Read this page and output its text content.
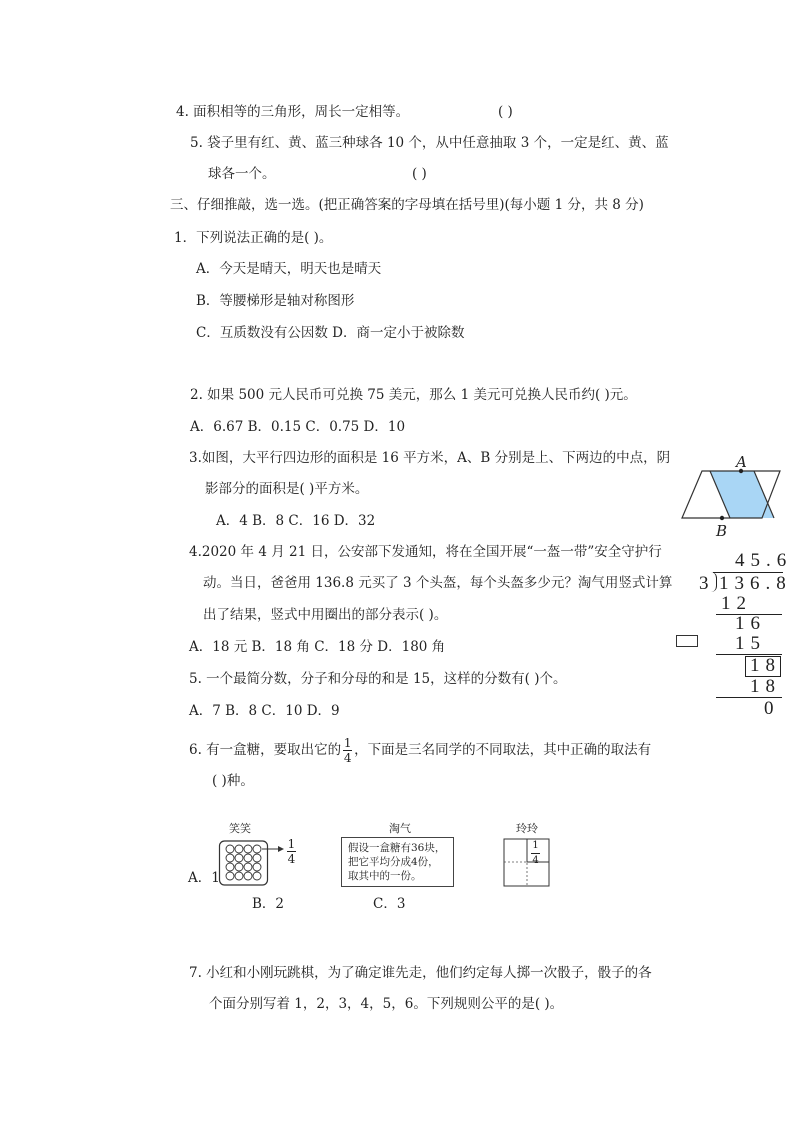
4. 面积相等的三角形，周长一定相等。	( )
5. 袋子里有红、黄、蓝三种球各 10 个，从中任意抽取 3 个，一定是红、黄、蓝
球各一个。	( )
三、仔细推敲，选一选。(把正确答案的字母填在括号里)(每小题 1 分，共 8 分)
1．下列说法正确的是( )。
A．今天是晴天，明天也是晴天
B．等腰梯形是轴对称图形
C．互质数没有公因数 D．商一定小于被除数
2. 如果 500 元人民币可兑换 75 美元，那么 1 美元可兑换人民币约( )元。
A．6.67 B．0.15 C．0.75 D．10
3.如图，大平行四边形的面积是 16 平方米，A、B 分别是上、下两边的中点，阴
影部分的面积是( )平方米。
A．4 B．8 C．16 D．32
A
B
4.2020 年 4 月 21 日，公安部下发通知，将在全国开展“一盔一带”安全守护行
动。当日，爸爸用 136.8 元买了 3 个头盔，每个头盔多少元？淘气用竖式计算
出了结果，竖式中用圈出的部分表示( )。
A．18 元 B．18 角 C．18 分 D．180 角
45.6
3 136.8
12
16
15
18
18
0
5. 一个最简分数，分子和分母的和是 15，这样的分数有( )个。
A．7 B．8 C．10 D．9
6. 有一盒糖，要取出它的 $\frac{1}{4}$ ，下面是三名同学的不同取法，其中正确的取法有
( )种。
笑笑	淘气	玲玲
1
4
假设一盒糖有36块，
把它平均分成4份，
取其中的一份。
1
4
A．1
B．2	C．3
7. 小红和小刚玩跳棋，为了确定谁先走，他们约定每人掷一次骰子，骰子的各
个面分别写着 1，2，3，4，5，6。下列规则公平的是( )。
